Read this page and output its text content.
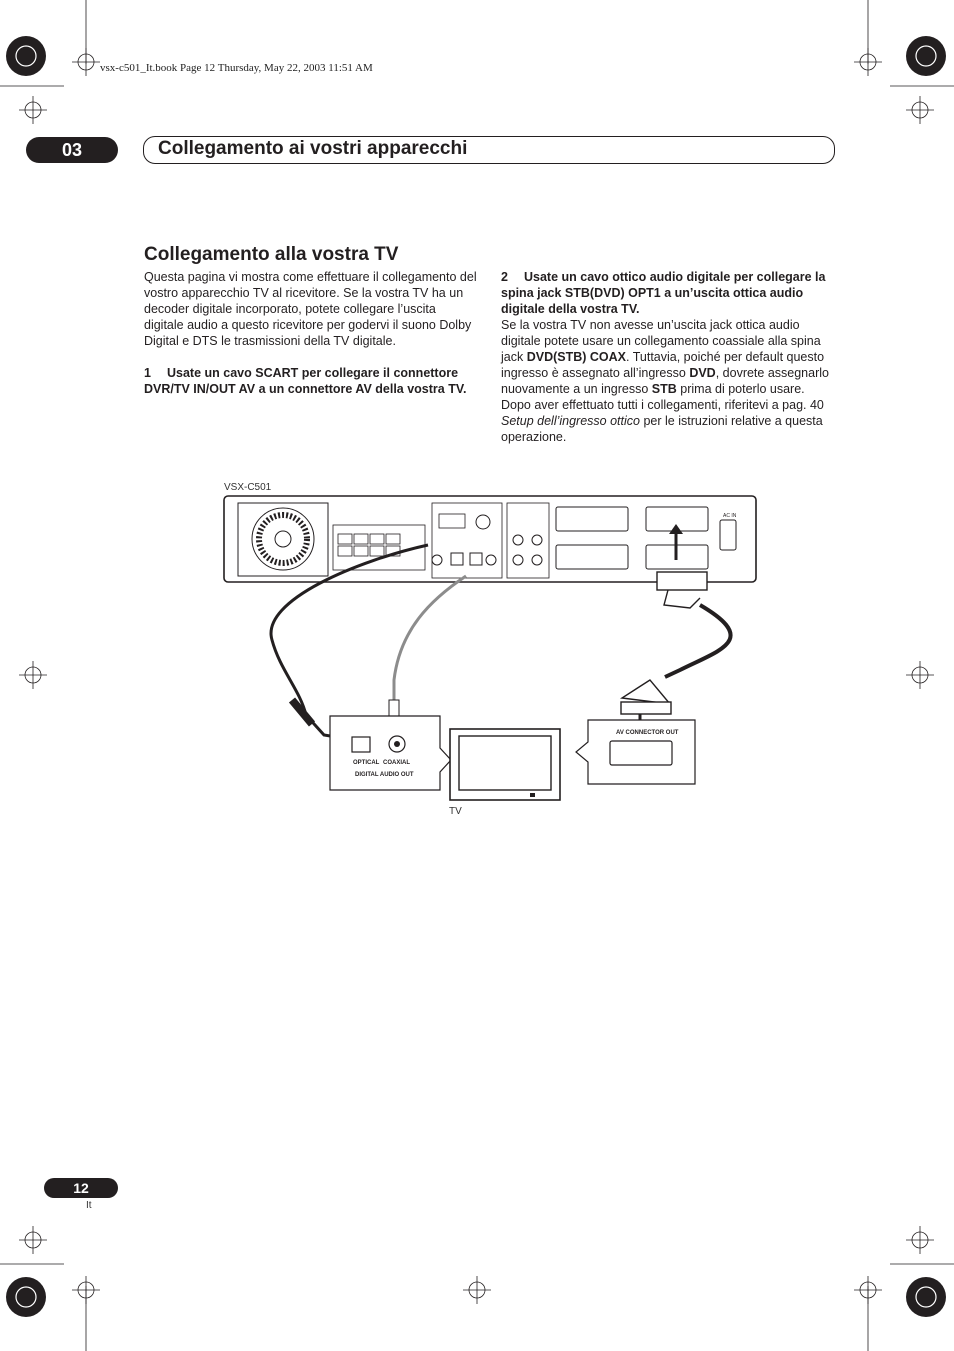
vsx-c501_It.book Page 12 Thursday, May 22, 2003 11:51 AM
03	Collegamento ai vostri apparecchi
Collegamento alla vostra TV

Questa pagina vi mostra come effettuare il collegamento del vostro apparecchio TV al ricevitore. Se la vostra TV ha un decoder digitale incorporato, potete collegare l’uscita digitale audio a questo ricevitore per godervi il suono Dolby Digital e DTS le trasmissioni della TV digitale.

1 Usate un cavo SCART per collegare il connettore DVR/TV IN/OUT AV a un connettore AV della vostra TV.

2 Usate un cavo ottico audio digitale per collegare la spina jack STB(DVD) OPT1 a un’uscita ottica audio digitale della vostra TV.

Se la vostra TV non avesse un’uscita jack ottica audio digitale potete usare un collegamento coassiale alla spina jack DVD(STB) COAX. Tuttavia, poiché per default questo ingresso è assegnato all’ingresso DVD, dovrete assegnarlo nuovamente a un ingresso STB prima di poterlo usare. Dopo aver effettuato tutti i collegamenti, riferitevi a pag. 40 Setup dell’ingresso ottico per le istruzioni relative a questa operazione.

VSX-C501
TV
AC IN
OPTICAL COAXIAL
DIGITAL AUDIO OUT
AV CONNECTOR OUT
12
It
